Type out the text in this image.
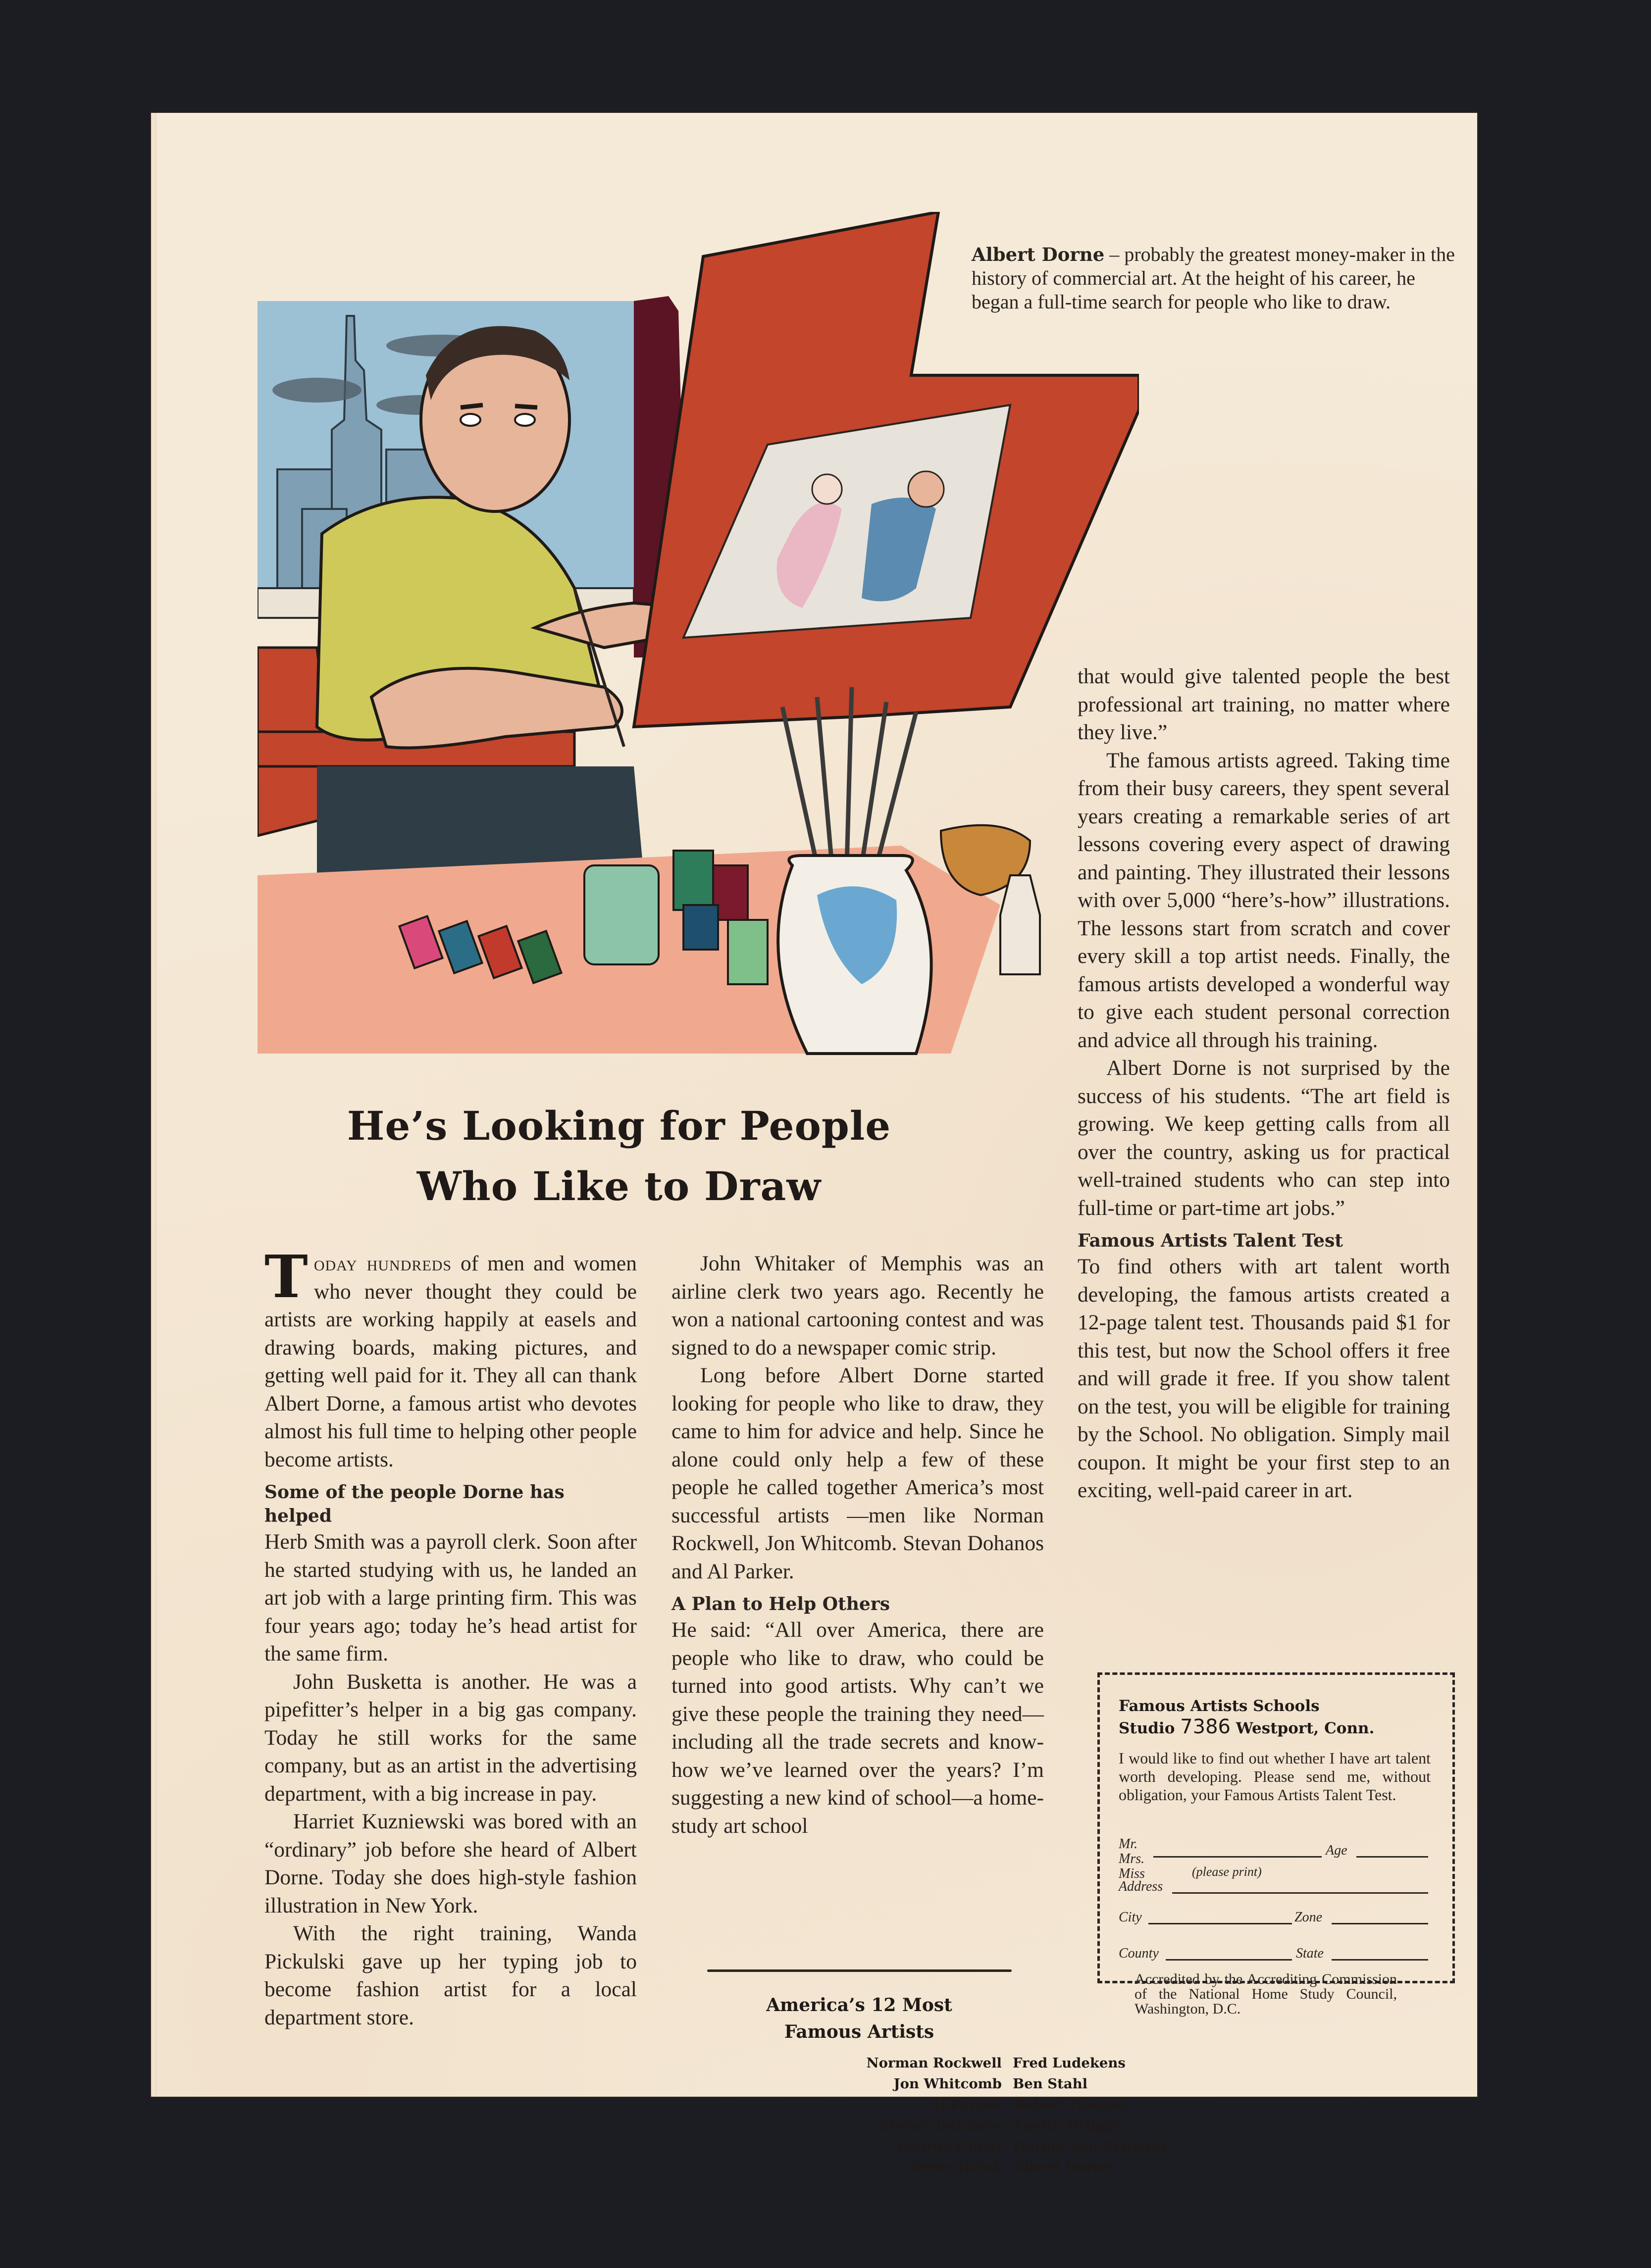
Albert Dorne – probably the greatest money-maker in the history of commercial art. At the height of his career, he began a full-time search for people who like to draw.
He’s Looking for People
Who Like to Draw

Today hundreds of men and women who never thought they could be artists are working happily at easels and drawing boards, making pictures, and getting well paid for it. They all can thank Albert Dorne, a famous artist who devotes almost his full time to helping other people become artists.

Some of the people Dorne has helped

Herb Smith was a payroll clerk. Soon after he started studying with us, he landed an art job with a large printing firm. This was four years ago; today he’s head artist for the same firm.

John Busketta is another. He was a pipefitter’s helper in a big gas company. Today he still works for the same company, but as an artist in the advertising department, with a big increase in pay.

Harriet Kuzniewski was bored with an “ordinary” job before she heard of Albert Dorne. Today she does high-style fashion illustration in New York.

With the right training, Wanda Pickulski gave up her typing job to become fashion artist for a local department store.

John Whitaker of Memphis was an airline clerk two years ago. Recently he won a national cartooning contest and was signed to do a newspaper comic strip.

Long before Albert Dorne started looking for people who like to draw, they came to him for advice and help. Since he alone could only help a few of these people he called together America’s most successful artists —men like Norman Rockwell, Jon Whitcomb. Stevan Dohanos and Al Parker.

A Plan to Help Others

He said: “All over America, there are people who like to draw, who could be turned into good artists. Why can’t we give these people the training they need—including all the trade secrets and know-how we’ve learned over the years? I’m suggesting a new kind of school—a home-study art school

America’s 12 Most
Famous Artists
Norman Rockwell Fred Ludekens
Jon Whitcomb Ben Stahl
Al Parker Robert Fawcett
Stevan Dohanos Austin Briggs
George Giusti Harold Von Schmidt
Peter Helck Albert Dorne

that would give talented people the best professional art training, no matter where they live.”

The famous artists agreed. Taking time from their busy careers, they spent several years creating a remarkable series of art lessons covering every aspect of drawing and painting. They illustrated their lessons with over 5,000 “here’s-how” illustrations. The lessons start from scratch and cover every skill a top artist needs. Finally, the famous artists developed a wonderful way to give each student personal correction and advice all through his training.

Albert Dorne is not surprised by the success of his students. “The art field is growing. We keep getting calls from all over the country, asking us for practical well-trained students who can step into full-time or part-time art jobs.”

Famous Artists Talent Test

To find others with art talent worth developing, the famous artists created a 12-page talent test. Thousands paid $1 for this test, but now the School offers it free and will grade it free. If you show talent on the test, you will be eligible for training by the School. No obligation. Simply mail coupon. It might be your first step to an exciting, well-paid career in art.

Famous Artists Schools
Studio 7386 Westport, Conn.
I would like to find out whether I have art talent worth developing. Please send me, without obligation, your Famous Artists Talent Test.
Mr.
Mrs.
Miss
Age
(please print)
Address
City	Zone
County	State
Accredited by the Accrediting Commission of the National Home Study Council, Washington, D.C.
